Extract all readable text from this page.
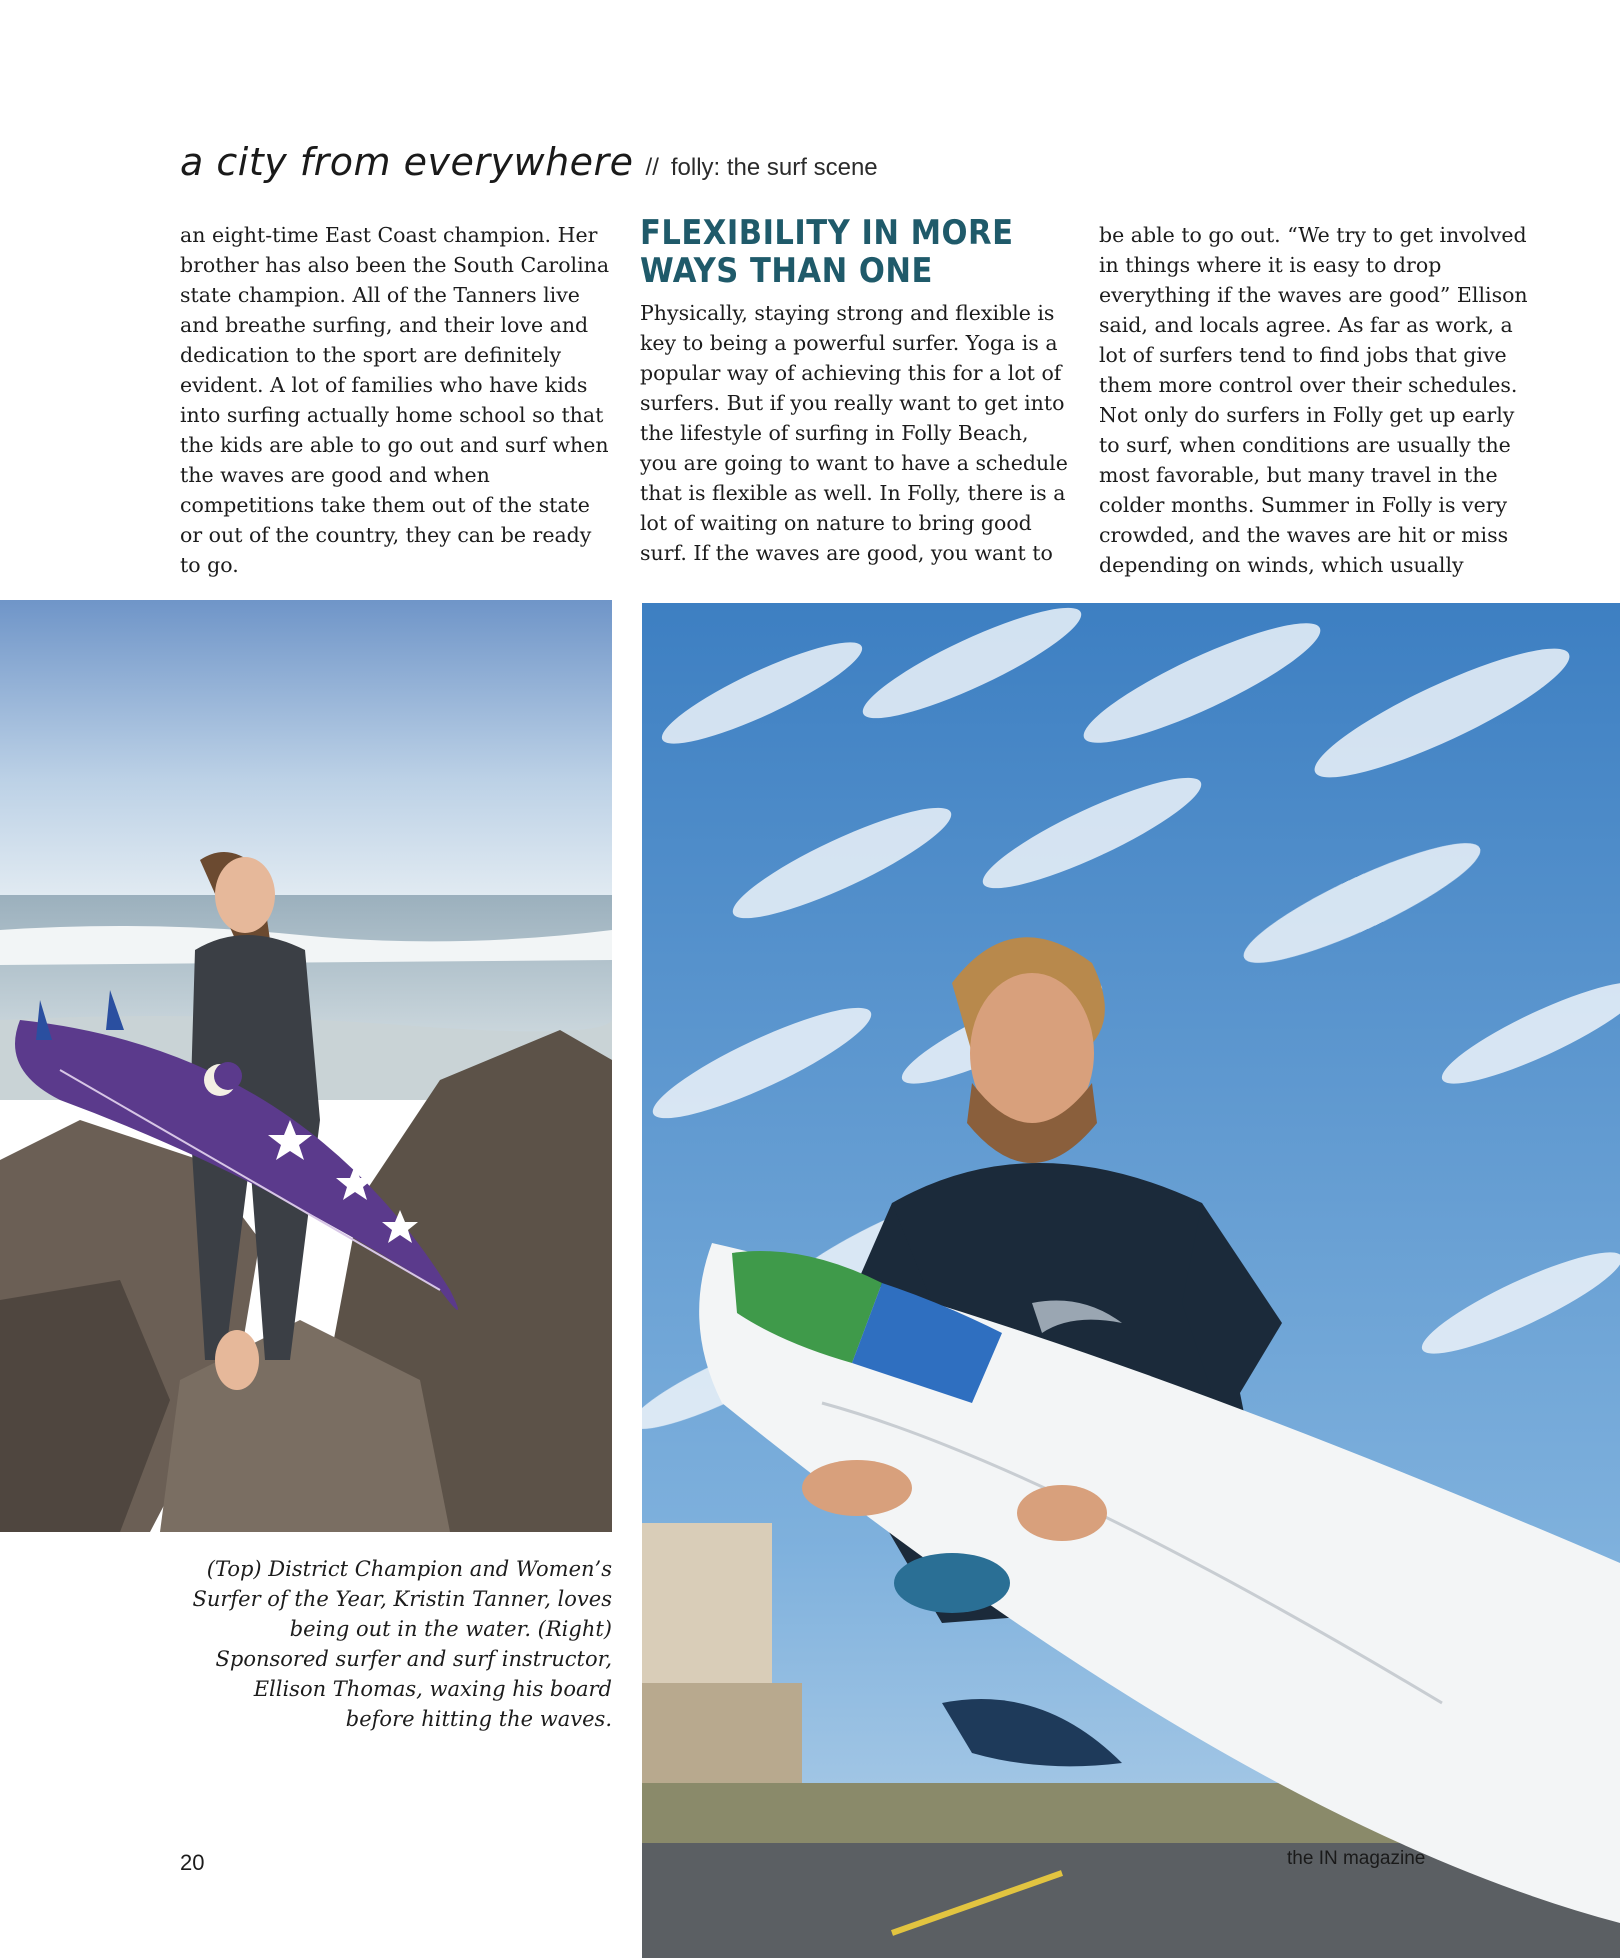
a city from everywhere // folly: the surf scene

an eight-time East Coast champion. Her brother has also been the South Carolina state champion. All of the Tanners live and breathe surfing, and their love and dedication to the sport are definitely evident. A lot of families who have kids into surfing actually home school so that the kids are able to go out and surf when the waves are good and when competitions take them out of the state or out of the country, they can be ready to go.

FLEXIBILITY IN MORE WAYS THAN ONE

Physically, staying strong and flexible is key to being a powerful surfer. Yoga is a popular way of achieving this for a lot of surfers. But if you really want to get into the lifestyle of surfing in Folly Beach, you are going to want to have a schedule that is flexible as well. In Folly, there is a lot of waiting on nature to bring good surf. If the waves are good, you want to

be able to go out. “We try to get involved in things where it is easy to drop everything if the waves are good” Ellison said, and locals agree. As far as work, a lot of surfers tend to find jobs that give them more control over their schedules. Not only do surfers in Folly get up early to surf, when conditions are usually the most favorable, but many travel in the colder months. Summer in Folly is very crowded, and the waves are hit or miss depending on winds, which usually

(Top) District Champion and Women’s Surfer of the Year, Kristin Tanner, loves being out in the water. (Right) Sponsored surfer and surf instructor, Ellison Thomas, waxing his board before hitting the waves.
20	the IN magazine
